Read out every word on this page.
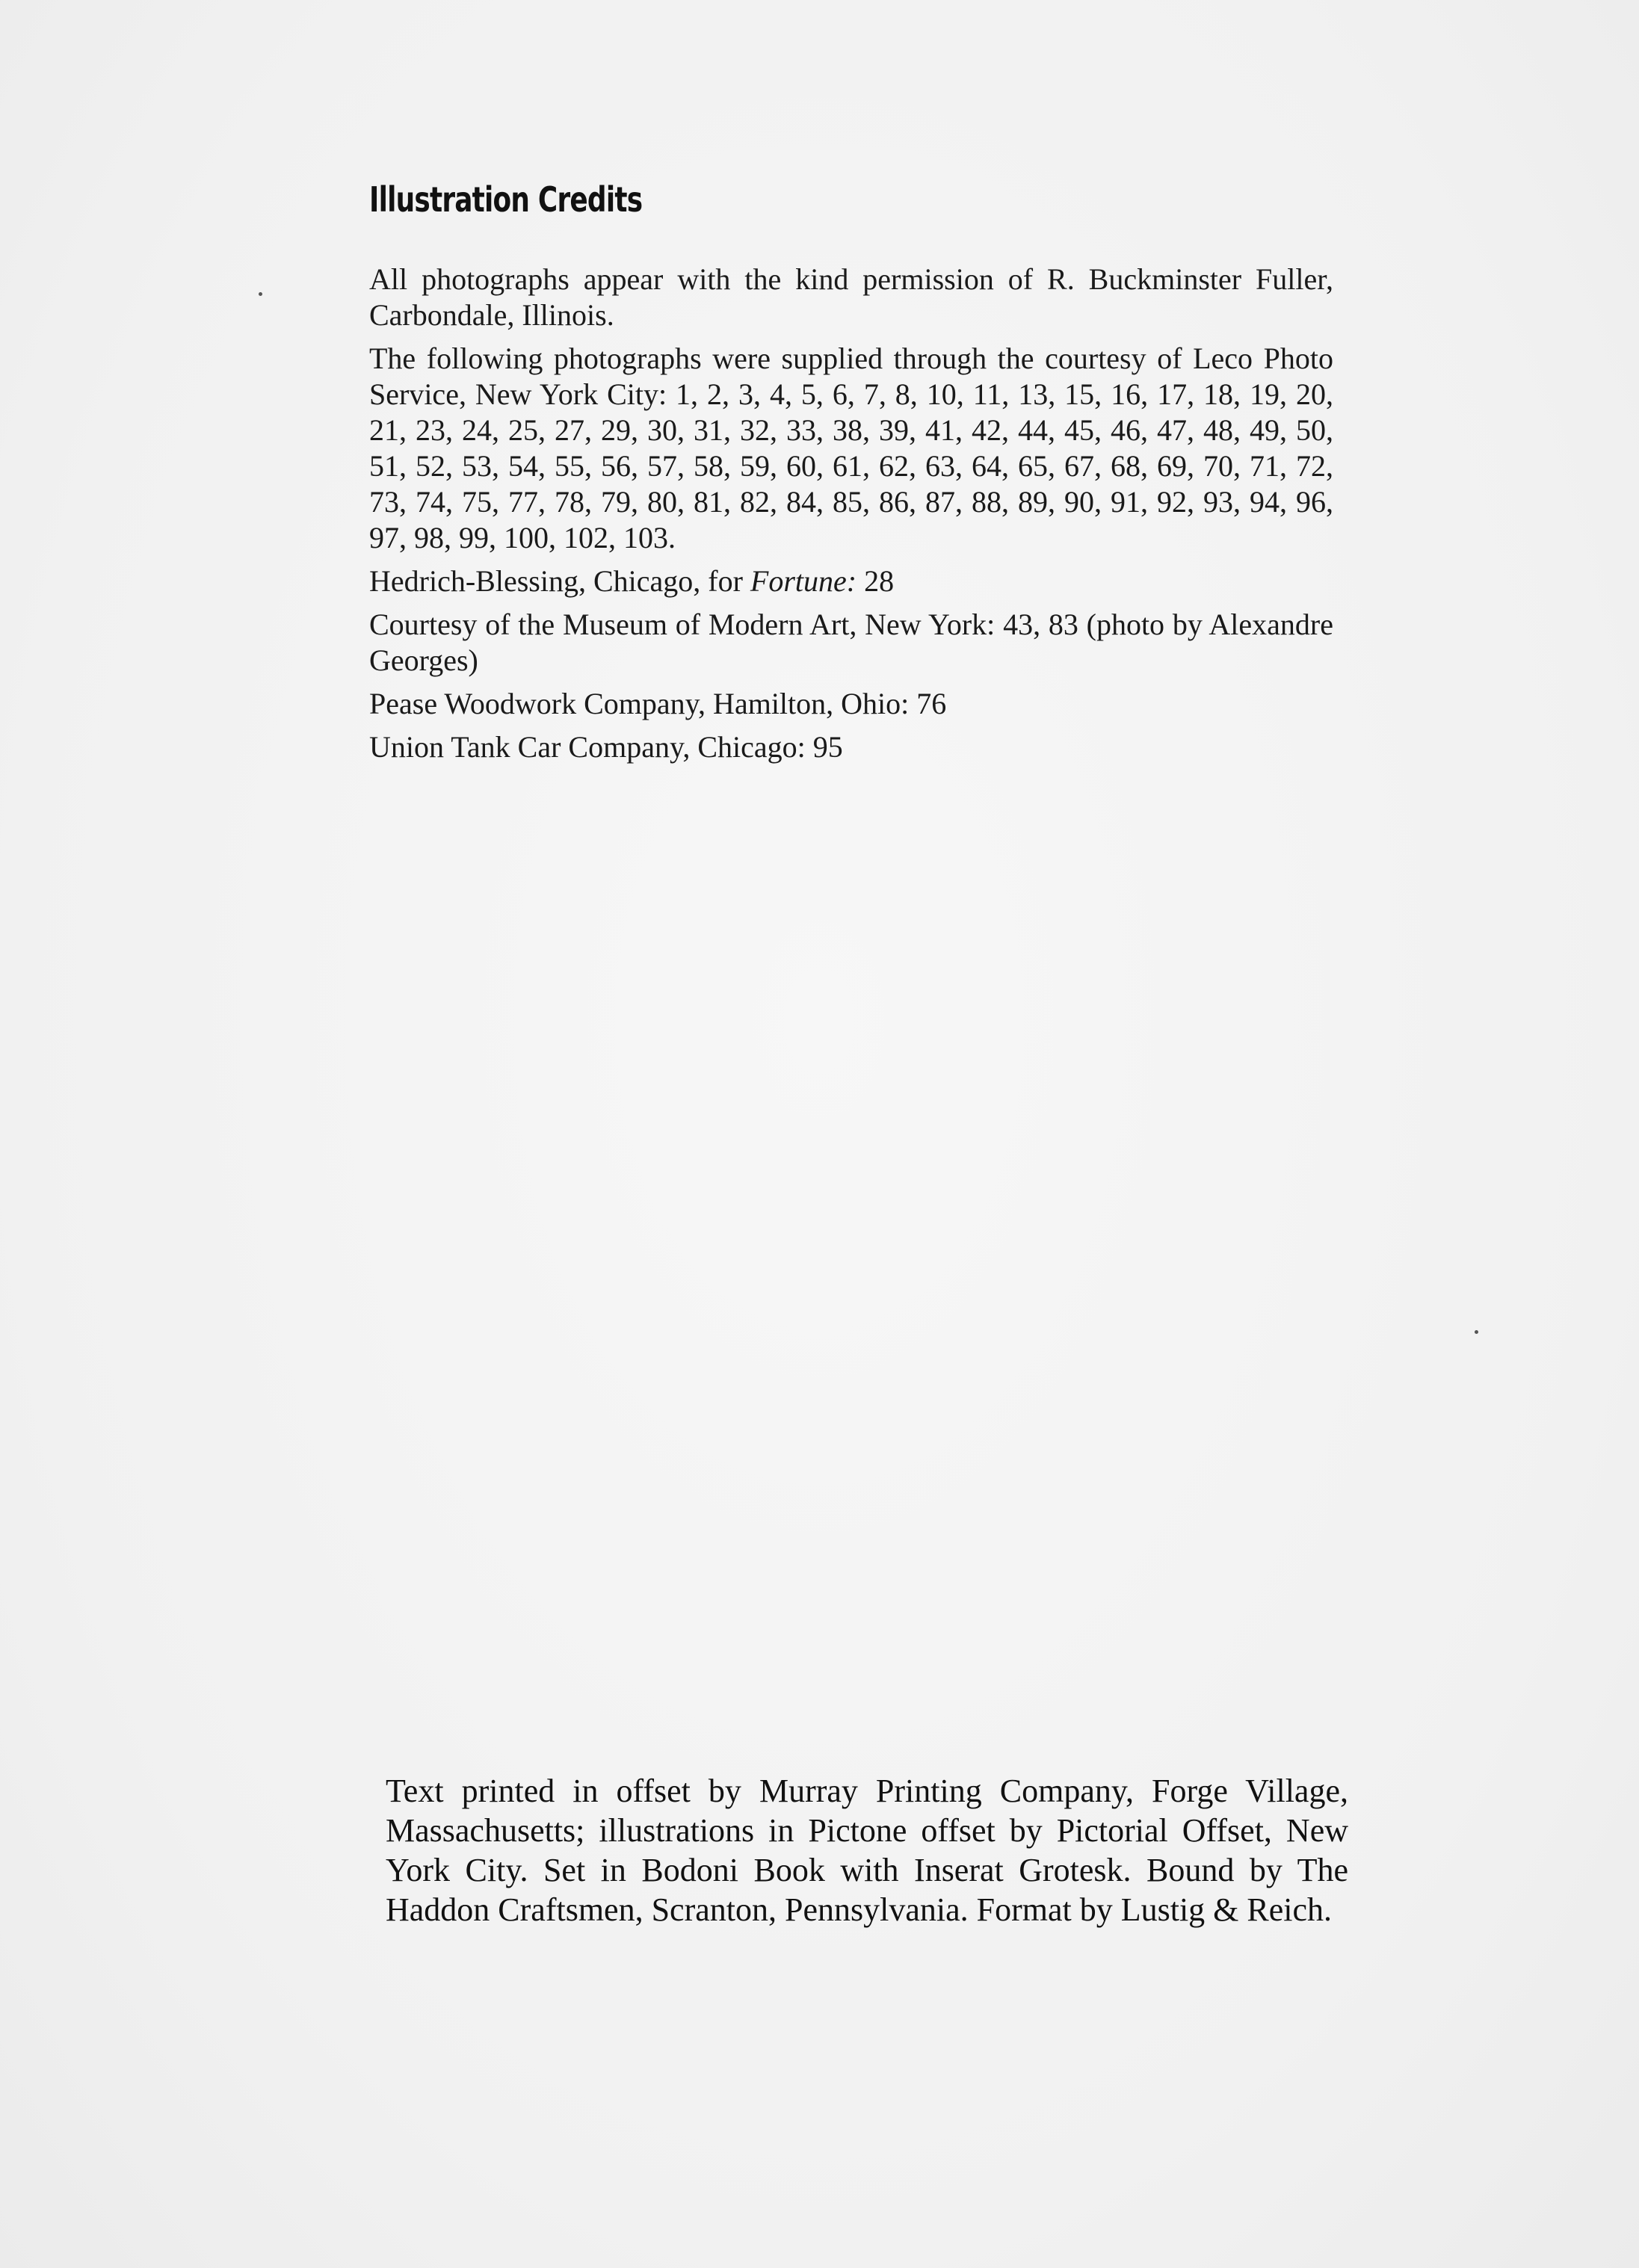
Illustration Credits

All photographs appear with the kind permission of R. Buckminster Fuller, Carbondale, Illinois.

The following photographs were supplied through the courtesy of Leco Photo Service, New York City: 1, 2, 3, 4, 5, 6, 7, 8, 10, 11, 13, 15, 16, 17, 18, 19, 20, 21, 23, 24, 25, 27, 29, 30, 31, 32, 33, 38, 39, 41, 42, 44, 45, 46, 47, 48, 49, 50, 51, 52, 53, 54, 55, 56, 57, 58, 59, 60, 61, 62, 63, 64, 65, 67, 68, 69, 70, 71, 72, 73, 74, 75, 77, 78, 79, 80, 81, 82, 84, 85, 86, 87, 88, 89, 90, 91, 92, 93, 94, 96, 97, 98, 99, 100, 102, 103.

Hedrich-Blessing, Chicago, for Fortune: 28

Courtesy of the Museum of Modern Art, New York: 43, 83 (photo by Alexandre Georges)

Pease Woodwork Company, Hamilton, Ohio: 76

Union Tank Car Company, Chicago: 95

Text printed in offset by Murray Printing Company, Forge Village, Massachusetts; illustrations in Pictone offset by Pictorial Offset, New York City. Set in Bodoni Book with Inserat Grotesk. Bound by The Haddon Craftsmen, Scranton, Pennsylvania. Format by Lustig & Reich.
